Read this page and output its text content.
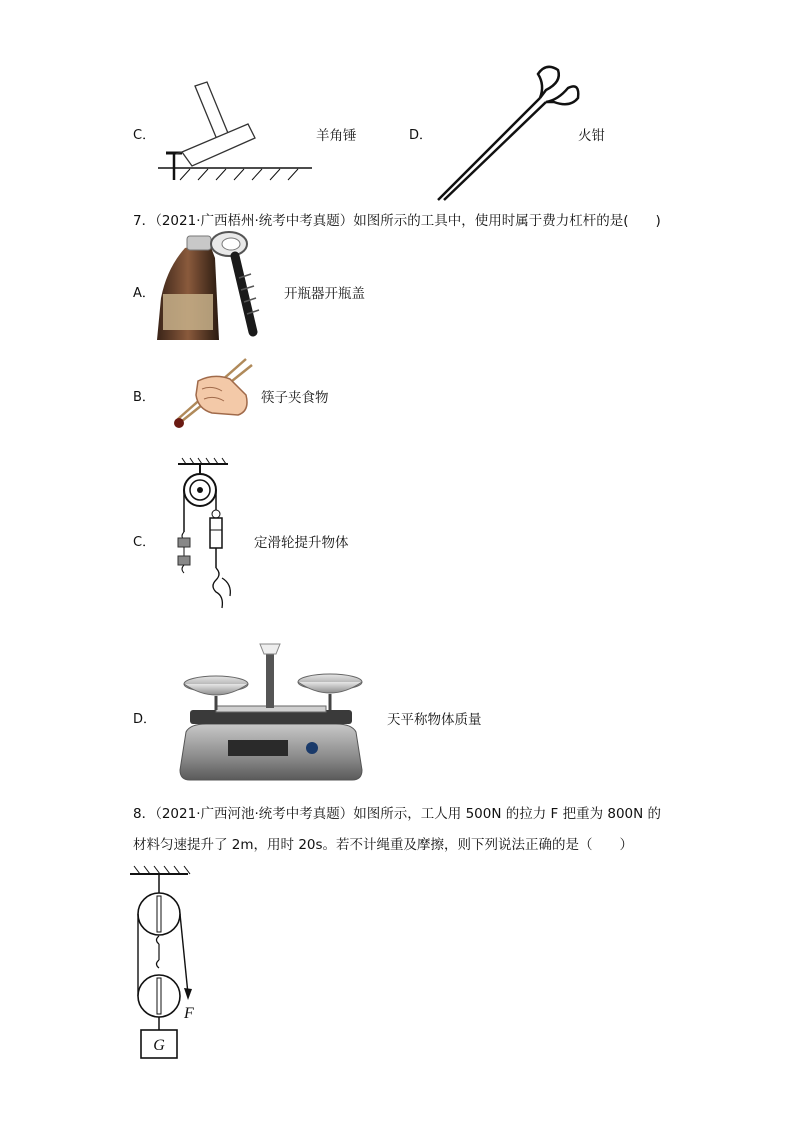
C．	羊角锤	D．	火钳
7．（2021·广西梧州·统考中考真题）如图所示的工具中，使用时属于费力杠杆的是(　　)
A．	开瓶器开瓶盖
B．	筷子夹食物
C．	定滑轮提升物体
D．	天平称物体质量
8．（2021·广西河池·统考中考真题）如图所示，工人用 500N 的拉力 F 把重为 800N 的
材料匀速提升了 2m，用时 20s。若不计绳重及摩擦，则下列说法正确的是（　　）
F
G
